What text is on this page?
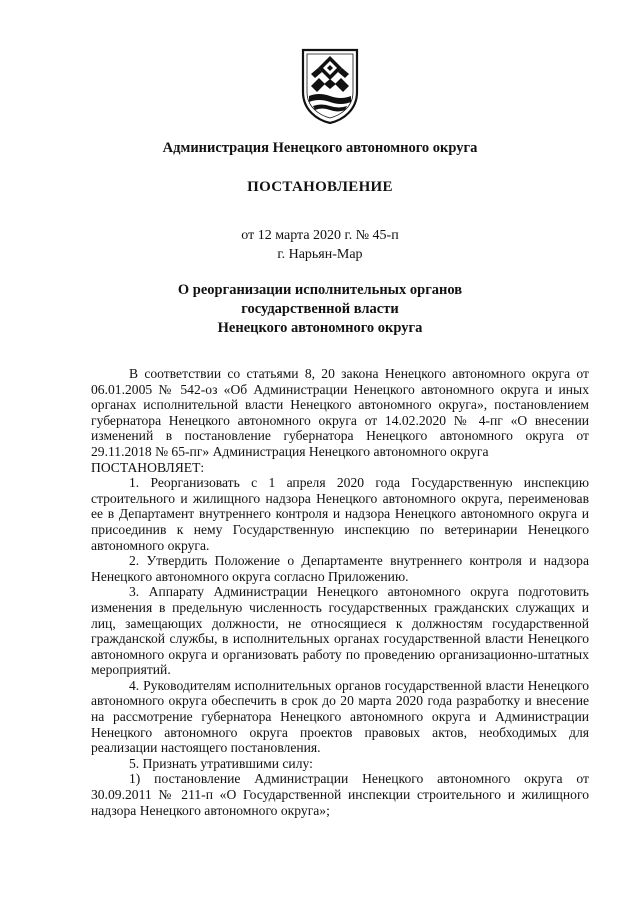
Администрация Ненецкого автономного округа
ПОСТАНОВЛЕНИЕ
от 12 марта 2020 г. № 45-п
г. Нарьян-Мар
О реорганизации исполнительных органов
государственной власти
Ненецкого автономного округа

В соответствии со статьями 8, 20 закона Ненецкого автономного округа от 06.01.2005 № 542-оз «Об Администрации Ненецкого автономного округа и иных органах исполнительной власти Ненецкого автономного округа», постановлением губернатора Ненецкого автономного округа от 14.02.2020 № 4-пг «О внесении изменений в постановление губернатора Ненецкого автономного округа от 29.11.2018 № 65-пг» Администрация Ненецкого автономного округа

ПОСТАНОВЛЯЕТ:

1. Реорганизовать с 1 апреля 2020 года Государственную инспекцию строительного и жилищного надзора Ненецкого автономного округа, переименовав ее в Департамент внутреннего контроля и надзора Ненецкого автономного округа и присоединив к нему Государственную инспекцию по ветеринарии Ненецкого автономного округа.

2. Утвердить Положение о Департаменте внутреннего контроля и надзора Ненецкого автономного округа согласно Приложению.

3. Аппарату Администрации Ненецкого автономного округа подготовить изменения в предельную численность государственных гражданских служащих и лиц, замещающих должности, не относящиеся к должностям государственной гражданской службы, в исполнительных органах государственной власти Ненецкого автономного округа и организовать работу по проведению организационно-штатных мероприятий.

4. Руководителям исполнительных органов государственной власти Ненецкого автономного округа обеспечить в срок до 20 марта 2020 года разработку и внесение на рассмотрение губернатора Ненецкого автономного округа и Администрации Ненецкого автономного округа проектов правовых актов, необходимых для реализации настоящего постановления.

5. Признать утратившими силу:

1) постановление Администрации Ненецкого автономного округа от 30.09.2011 № 211-п «О Государственной инспекции строительного и жилищного надзора Ненецкого автономного округа»;
